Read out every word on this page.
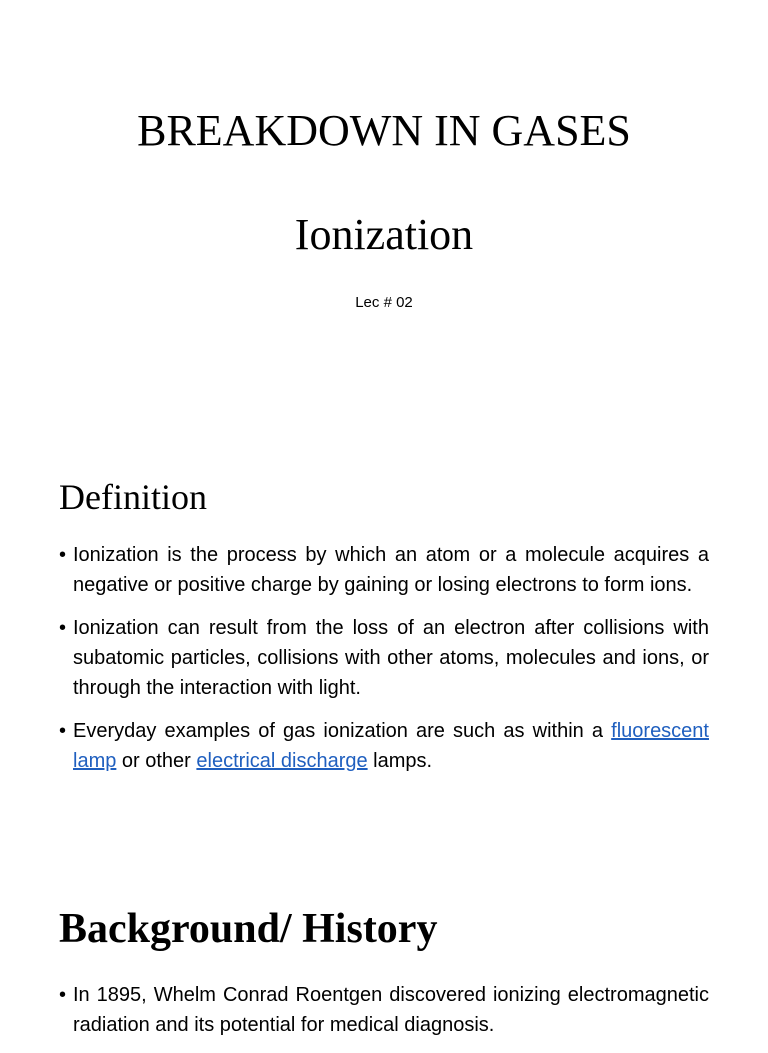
BREAKDOWN IN GASES
Ionization

Lec # 02

Definition
• Ionization is the process by which an atom or a molecule acquires a negative or positive charge by gaining or losing electrons to form ions.
• Ionization can result from the loss of an electron after collisions with subatomic particles, collisions with other atoms, molecules and ions, or through the interaction with light.
• Everyday examples of gas ionization are such as within a fluorescent lamp or other electrical discharge lamps.
Background/ History
• In 1895, Whelm Conrad Roentgen discovered ionizing electromagnetic radiation and its potential for medical diagnosis.
